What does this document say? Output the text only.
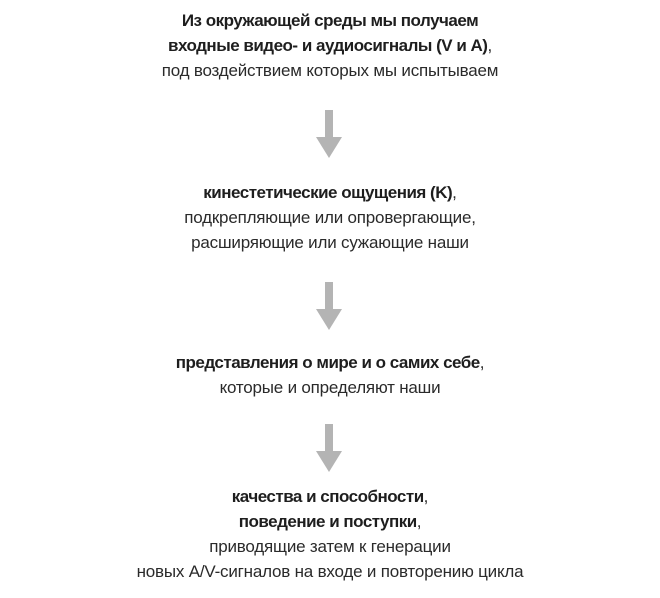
Из окружающей среды мы получаем
входные видео- и аудиосигналы (V и A),
под воздействием которых мы испытываем
кинестетические ощущения (K),
подкрепляющие или опровергающие,
расширяющие или сужающие наши
представления о мире и о самих себе,
которые и определяют наши
качества и способности,
поведение и поступки,
приводящие затем к генерации
новых A/V-сигналов на входе и повторению цикла
